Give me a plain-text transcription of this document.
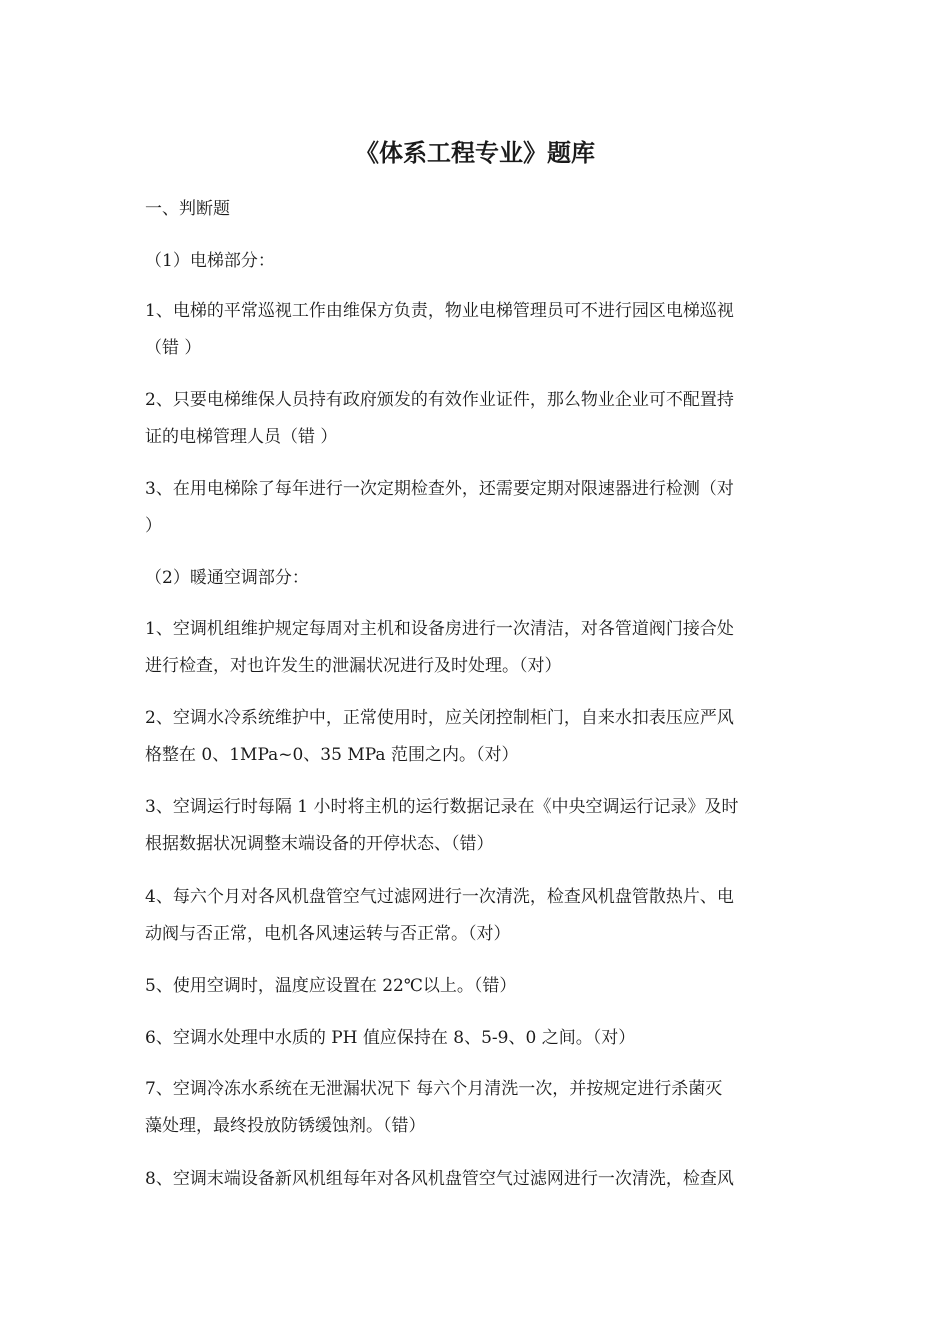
《体系工程专业》题库
一、判断题
（1）电梯部分：
1、电梯的平常巡视工作由维保方负责，物业电梯管理员可不进行园区电梯巡视
（错 ）
2、只要电梯维保人员持有政府颁发的有效作业证件，那么物业企业可不配置持
证的电梯管理人员（错 ）
3、在用电梯除了每年进行一次定期检查外，还需要定期对限速器进行检测（对
）
（2）暖通空调部分：
1、空调机组维护规定每周对主机和设备房进行一次清洁，对各管道阀门接合处
进行检查，对也许发生的泄漏状况进行及时处理。（对）
2、空调水冷系统维护中，正常使用时，应关闭控制柜门，自来水扣表压应严风
格整在 0、1MPa~0、35 MPa 范围之内。（对）
3、空调运行时每隔 1 小时将主机的运行数据记录在《中央空调运行记录》及时
根据数据状况调整末端设备的开停状态、（错）
4、每六个月对各风机盘管空气过滤网进行一次清洗，检查风机盘管散热片、电
动阀与否正常，电机各风速运转与否正常。（对）
5、使用空调时，温度应设置在 22℃以上。（错）
6、空调水处理中水质的 PH 值应保持在 8、5-9、0 之间。（对）
7、空调冷冻水系统在无泄漏状况下 每六个月清洗一次，并按规定进行杀菌灭
藻处理，最终投放防锈缓蚀剂。（错）
8、空调末端设备新风机组每年对各风机盘管空气过滤网进行一次清洗，检查风
